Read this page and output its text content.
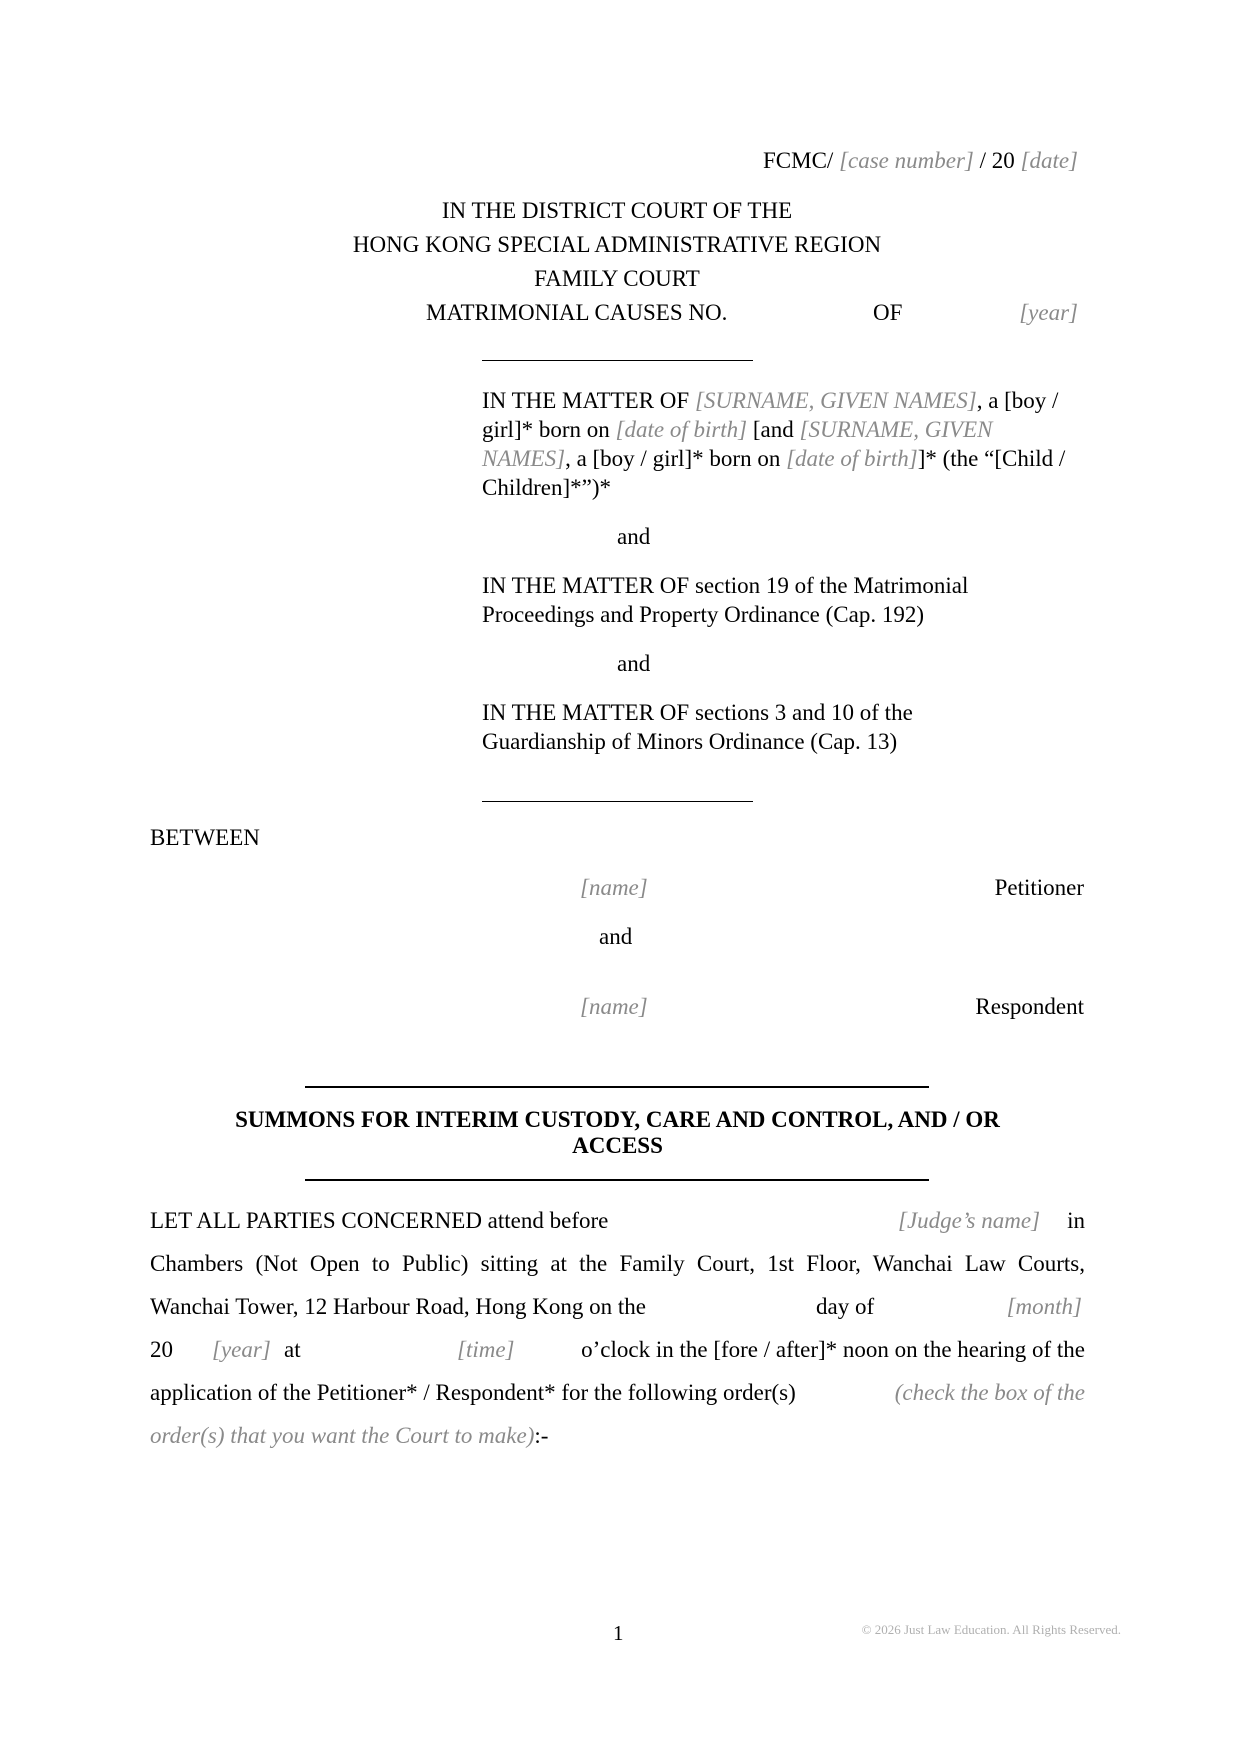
FCMC/ [case number] / 20 [date]
IN THE DISTRICT COURT OF THE
HONG KONG SPECIAL ADMINISTRATIVE REGION
FAMILY COURT
MATRIMONIAL CAUSES NO.	OF	[year]
IN THE MATTER OF [SURNAME, GIVEN NAMES], a [boy / girl]* born on [date of birth] [and [SURNAME, GIVEN NAMES], a [boy / girl]* born on [date of birth]]* (the “[Child / Children]*”)*
and
IN THE MATTER OF section 19 of the Matrimonial Proceedings and Property Ordinance (Cap. 192)
and
IN THE MATTER OF sections 3 and 10 of the Guardianship of Minors Ordinance (Cap. 13)
BETWEEN
[name]	Petitioner
and
[name]	Respondent
SUMMONS FOR INTERIM CUSTODY, CARE AND CONTROL, AND / OR
ACCESS
LET ALL PARTIES CONCERNED attend before	[Judge’s name] in
Chambers (Not Open to Public) sitting at the Family Court, 1st Floor, Wanchai Law Courts,
Wanchai Tower, 12 Harbour Road, Hong Kong on the	day of	[month]
20 [year] at	[time]	o’clock in the [fore / after]* noon on the hearing of the
application of the Petitioner* / Respondent* for the following order(s)	(check the box of the
order(s) that you want the Court to make):-
1	© 2026 Just Law Education. All Rights Reserved.
